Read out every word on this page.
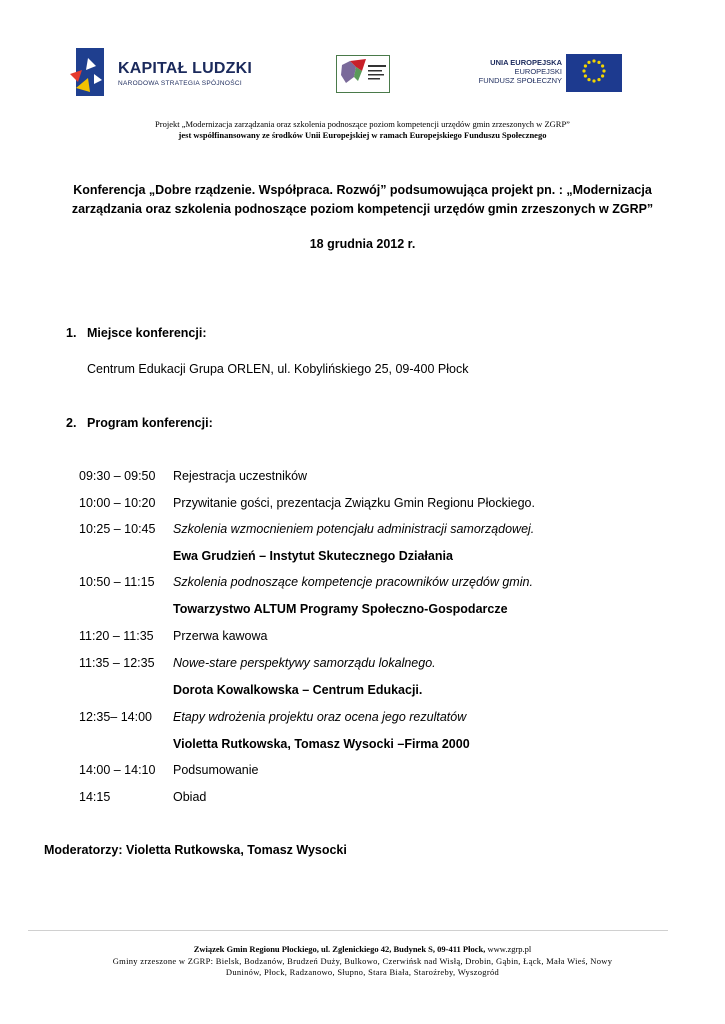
KAPITAŁ LUDZKI
NARODOWA STRATEGIA SPÓJNOŚCI
UNIA EUROPEJSKA
EUROPEJSKI
FUNDUSZ SPOŁECZNY
Projekt „Modernizacja zarządzania oraz szkolenia podnoszące poziom kompetencji urzędów gmin zrzeszonych w ZGRP”
jest współfinansowany ze środków Unii Europejskiej w ramach Europejskiego Funduszu Społecznego
Konferencja „Dobre rządzenie. Współpraca. Rozwój” podsumowująca projekt pn. : „Modernizacja
zarządzania oraz szkolenia podnoszące poziom kompetencji urzędów gmin zrzeszonych w ZGRP”
18 grudnia 2012 r.
1. Miejsce konferencji:
Centrum Edukacji Grupa ORLEN, ul. Kobylińskiego 25, 09-400 Płock
2. Program konferencji:
09:30 – 09:50 Rejestracja uczestników
10:00 – 10:20 Przywitanie gości, prezentacja Związku Gmin Regionu Płockiego.
10:25 – 10:45 Szkolenia wzmocnieniem potencjału administracji samorządowej.
Ewa Grudzień – Instytut Skutecznego Działania
10:50 – 11:15 Szkolenia podnoszące kompetencje pracowników urzędów gmin.
Towarzystwo ALTUM Programy Społeczno-Gospodarcze
11:20 – 11:35 Przerwa kawowa
11:35 – 12:35 Nowe-stare perspektywy samorządu lokalnego.
Dorota Kowalkowska – Centrum Edukacji.
12:35– 14:00 Etapy wdrożenia projektu oraz ocena jego rezultatów
Violetta Rutkowska, Tomasz Wysocki –Firma 2000
14:00 – 14:10 Podsumowanie
14:15	Obiad
Moderatorzy: Violetta Rutkowska, Tomasz Wysocki
Związek Gmin Regionu Płockiego, ul. Zglenickiego 42, Budynek S, 09-411 Płock, www.zgrp.pl
Gminy zrzeszone w ZGRP: Bielsk, Bodzanów, Brudzeń Duży, Bulkowo, Czerwińsk nad Wisłą, Drobin, Gąbin, Łąck, Mała Wieś, Nowy
Duninów, Płock, Radzanowo, Słupno, Stara Biała, Staroźreby, Wyszogród
